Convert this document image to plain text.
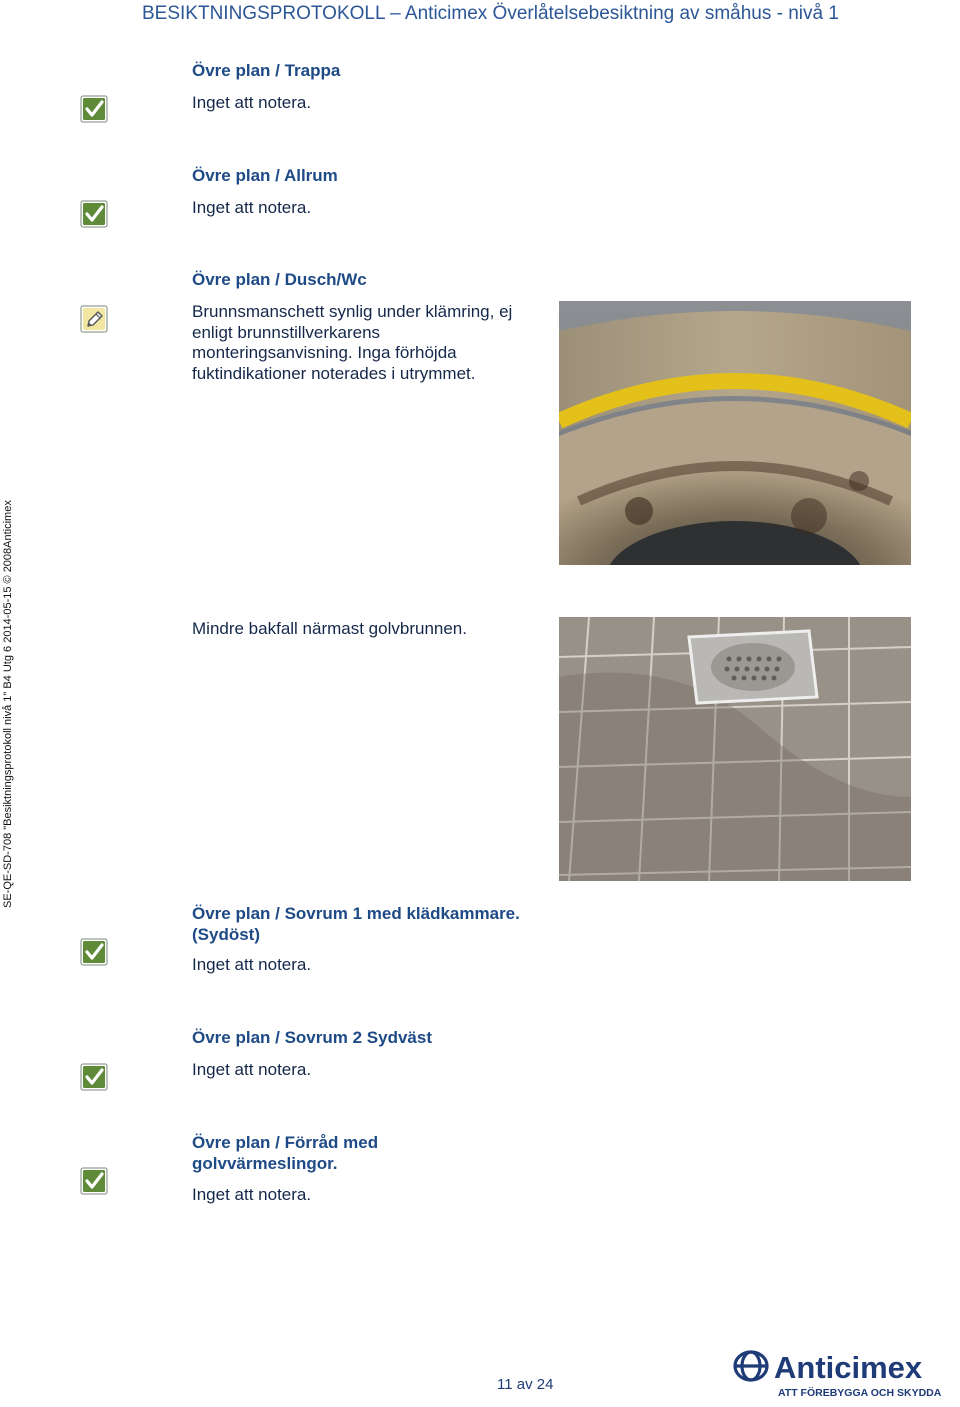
BESIKTNINGSPROTOKOLL – Anticimex Överlåtelsebesiktning av småhus - nivå 1
SE-QE-SD-708 "Besiktningsprotokoll nivå 1" B4 Utg 6 2014-05-15 © 2008Anticimex
Övre plan / Trappa
Inget att notera.
Övre plan / Allrum
Inget att notera.
Övre plan / Dusch/Wc
Brunnsmanschett synlig under klämring, ej
enligt brunnstillverkarens
monteringsanvisning. Inga förhöjda
fuktindikationer noterades i utrymmet.
Mindre bakfall närmast golvbrunnen.
Övre plan / Sovrum 1 med klädkammare.
(Sydöst)
Inget att notera.
Övre plan / Sovrum 2 Sydväst
Inget att notera.
Övre plan / Förråd med
golvvärmeslingor.
Inget att notera.
11 av 24	Anticimex
ATT FÖREBYGGA OCH SKYDDA
